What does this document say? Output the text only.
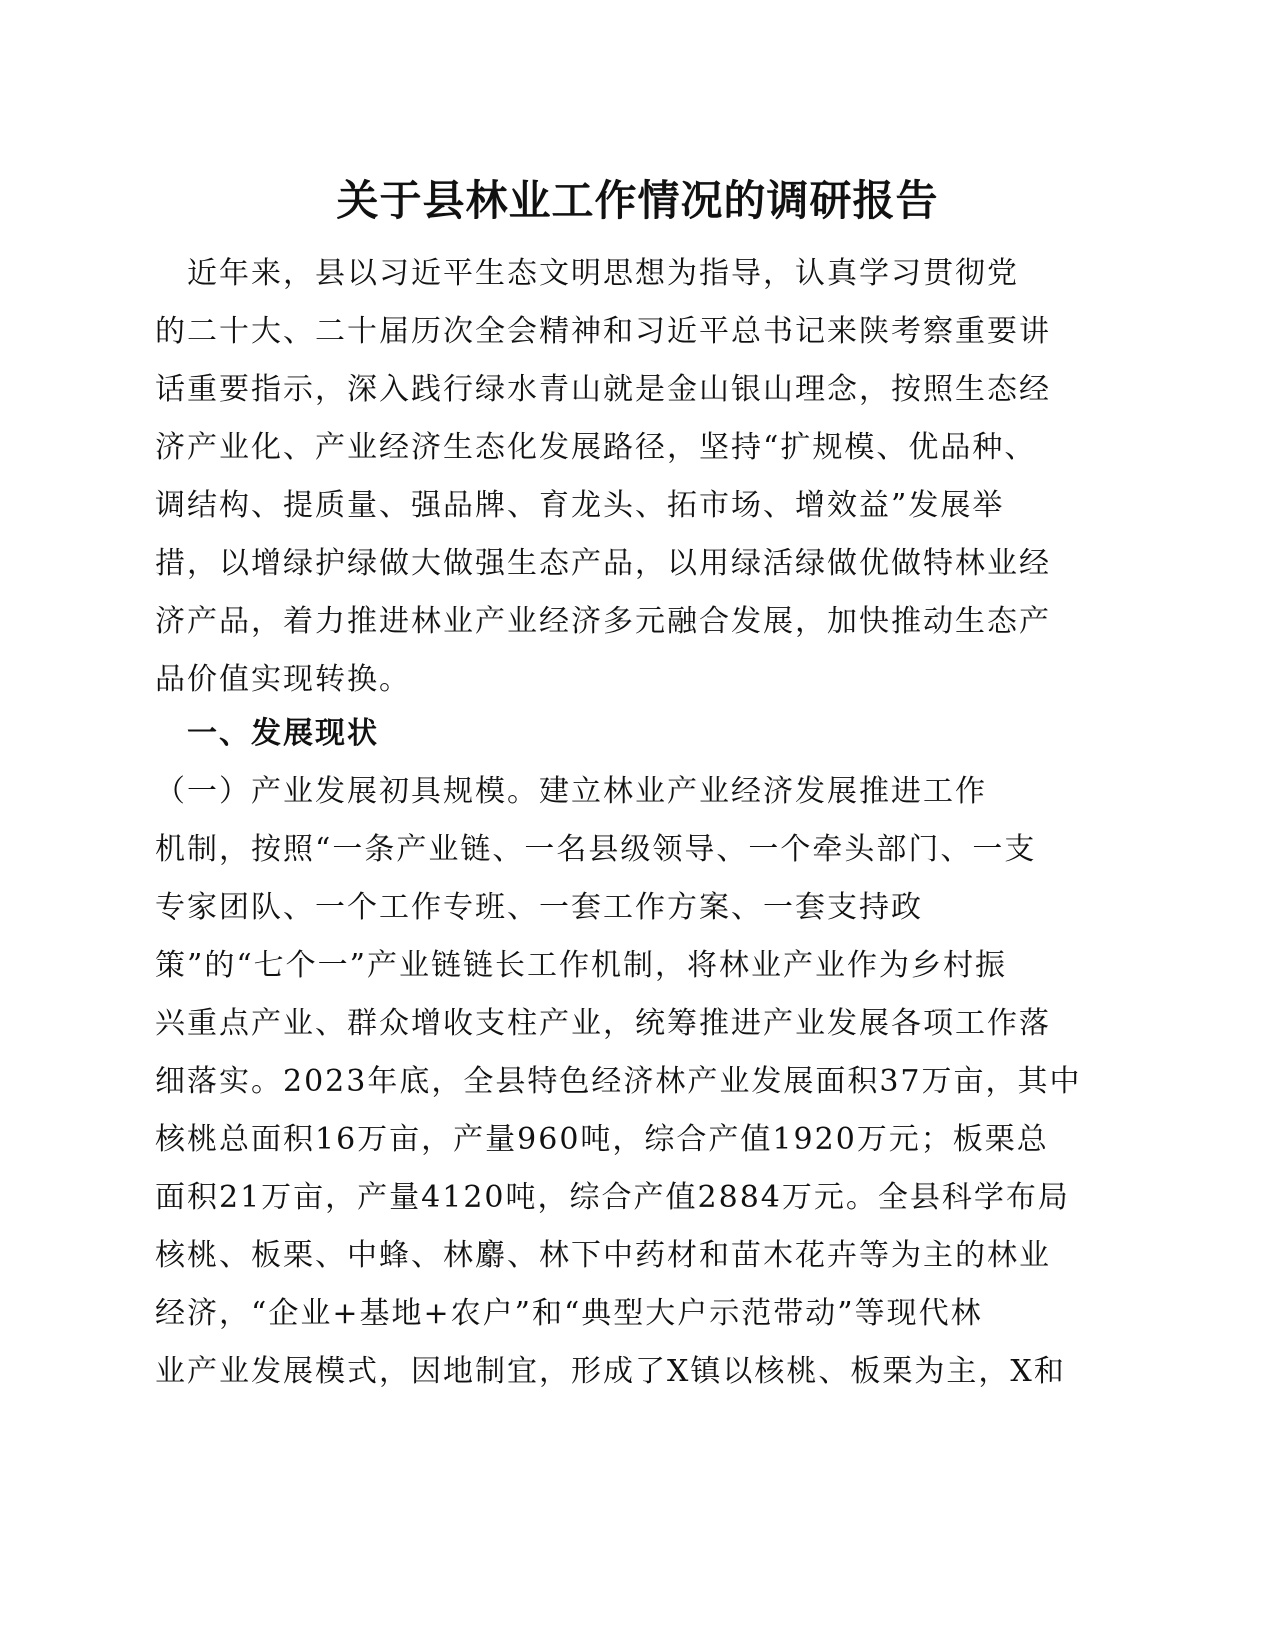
关于县林业工作情况的调研报告
　近年来，县以习近平生态文明思想为指导，认真学习贯彻党
的二十大、二十届历次全会精神和习近平总书记来陕考察重要讲
话重要指示，深入践行绿水青山就是金山银山理念，按照生态经
济产业化、产业经济生态化发展路径，坚持“扩规模、优品种、
调结构、提质量、强品牌、育龙头、拓市场、增效益”发展举
措，以增绿护绿做大做强生态产品，以用绿活绿做优做特林业经
济产品，着力推进林业产业经济多元融合发展，加快推动生态产
品价值实现转换。
　一、发展现状
（一）产业发展初具规模。建立林业产业经济发展推进工作
机制，按照“一条产业链、一名县级领导、一个牵头部门、一支
专家团队、一个工作专班、一套工作方案、一套支持政
策”的“七个一”产业链链长工作机制，将林业产业作为乡村振
兴重点产业、群众增收支柱产业，统筹推进产业发展各项工作落
细落实。2023年底，全县特色经济林产业发展面积37万亩，其中
核桃总面积16万亩，产量960吨，综合产值1920万元；板栗总
面积21万亩，产量4120吨，综合产值2884万元。全县科学布局
核桃、板栗、中蜂、林麝、林下中药材和苗木花卉等为主的林业
经济，“企业+基地+农户”和“典型大户示范带动”等现代林
业产业发展模式，因地制宜，形成了X镇以核桃、板栗为主，X和
